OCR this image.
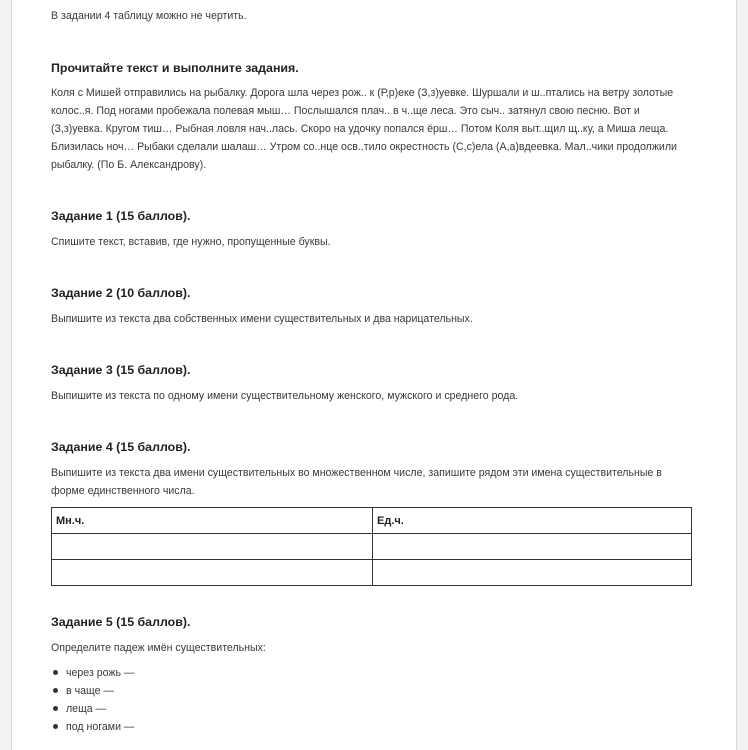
В задании 4 таблицу можно не чертить.

Прочитайте текст и выполните задания.

Коля с Мишей отправились на рыбалку. Дорога шла через рож.. к (Р,р)еке (З,з)уевке. Шуршали и ш..птались на ветру золотые колос..я. Под ногами пробежала полевая мыш… Послышался плач.. в ч..ще леса. Это сыч.. затянул свою песню. Вот и (З,з)уевка. Кругом тиш… Рыбная ловля нач..лась. Скоро на удочку попался ёрш… Потом Коля выт..щил щ..ку, а Миша леща. Близилась ноч… Рыбаки сделали шалаш… Утром со..нце осв..тило окрестность (С,с)ела (А,а)вдеевка. Мал..чики продолжили рыбалку. (По Б. Александрову).

Задание 1 (15 баллов).

Спишите текст, вставив, где нужно, пропущенные буквы.

Задание 2 (10 баллов).

Выпишите из текста два собственных имени существительных и два нарицательных.

Задание 3 (15 баллов).

Выпишите из текста по одному имени существительному женского, мужского и среднего рода.

Задание 4 (15 баллов).

Выпишите из текста два имени существительных во множественном числе, запишите рядом эти имена существительные в форме единственного числа.

Мн.ч.	Ед.ч.

Задание 5 (15 баллов).

Определите падеж имён существительных:

через рожь —
в чаще —
леща —
под ногами —
